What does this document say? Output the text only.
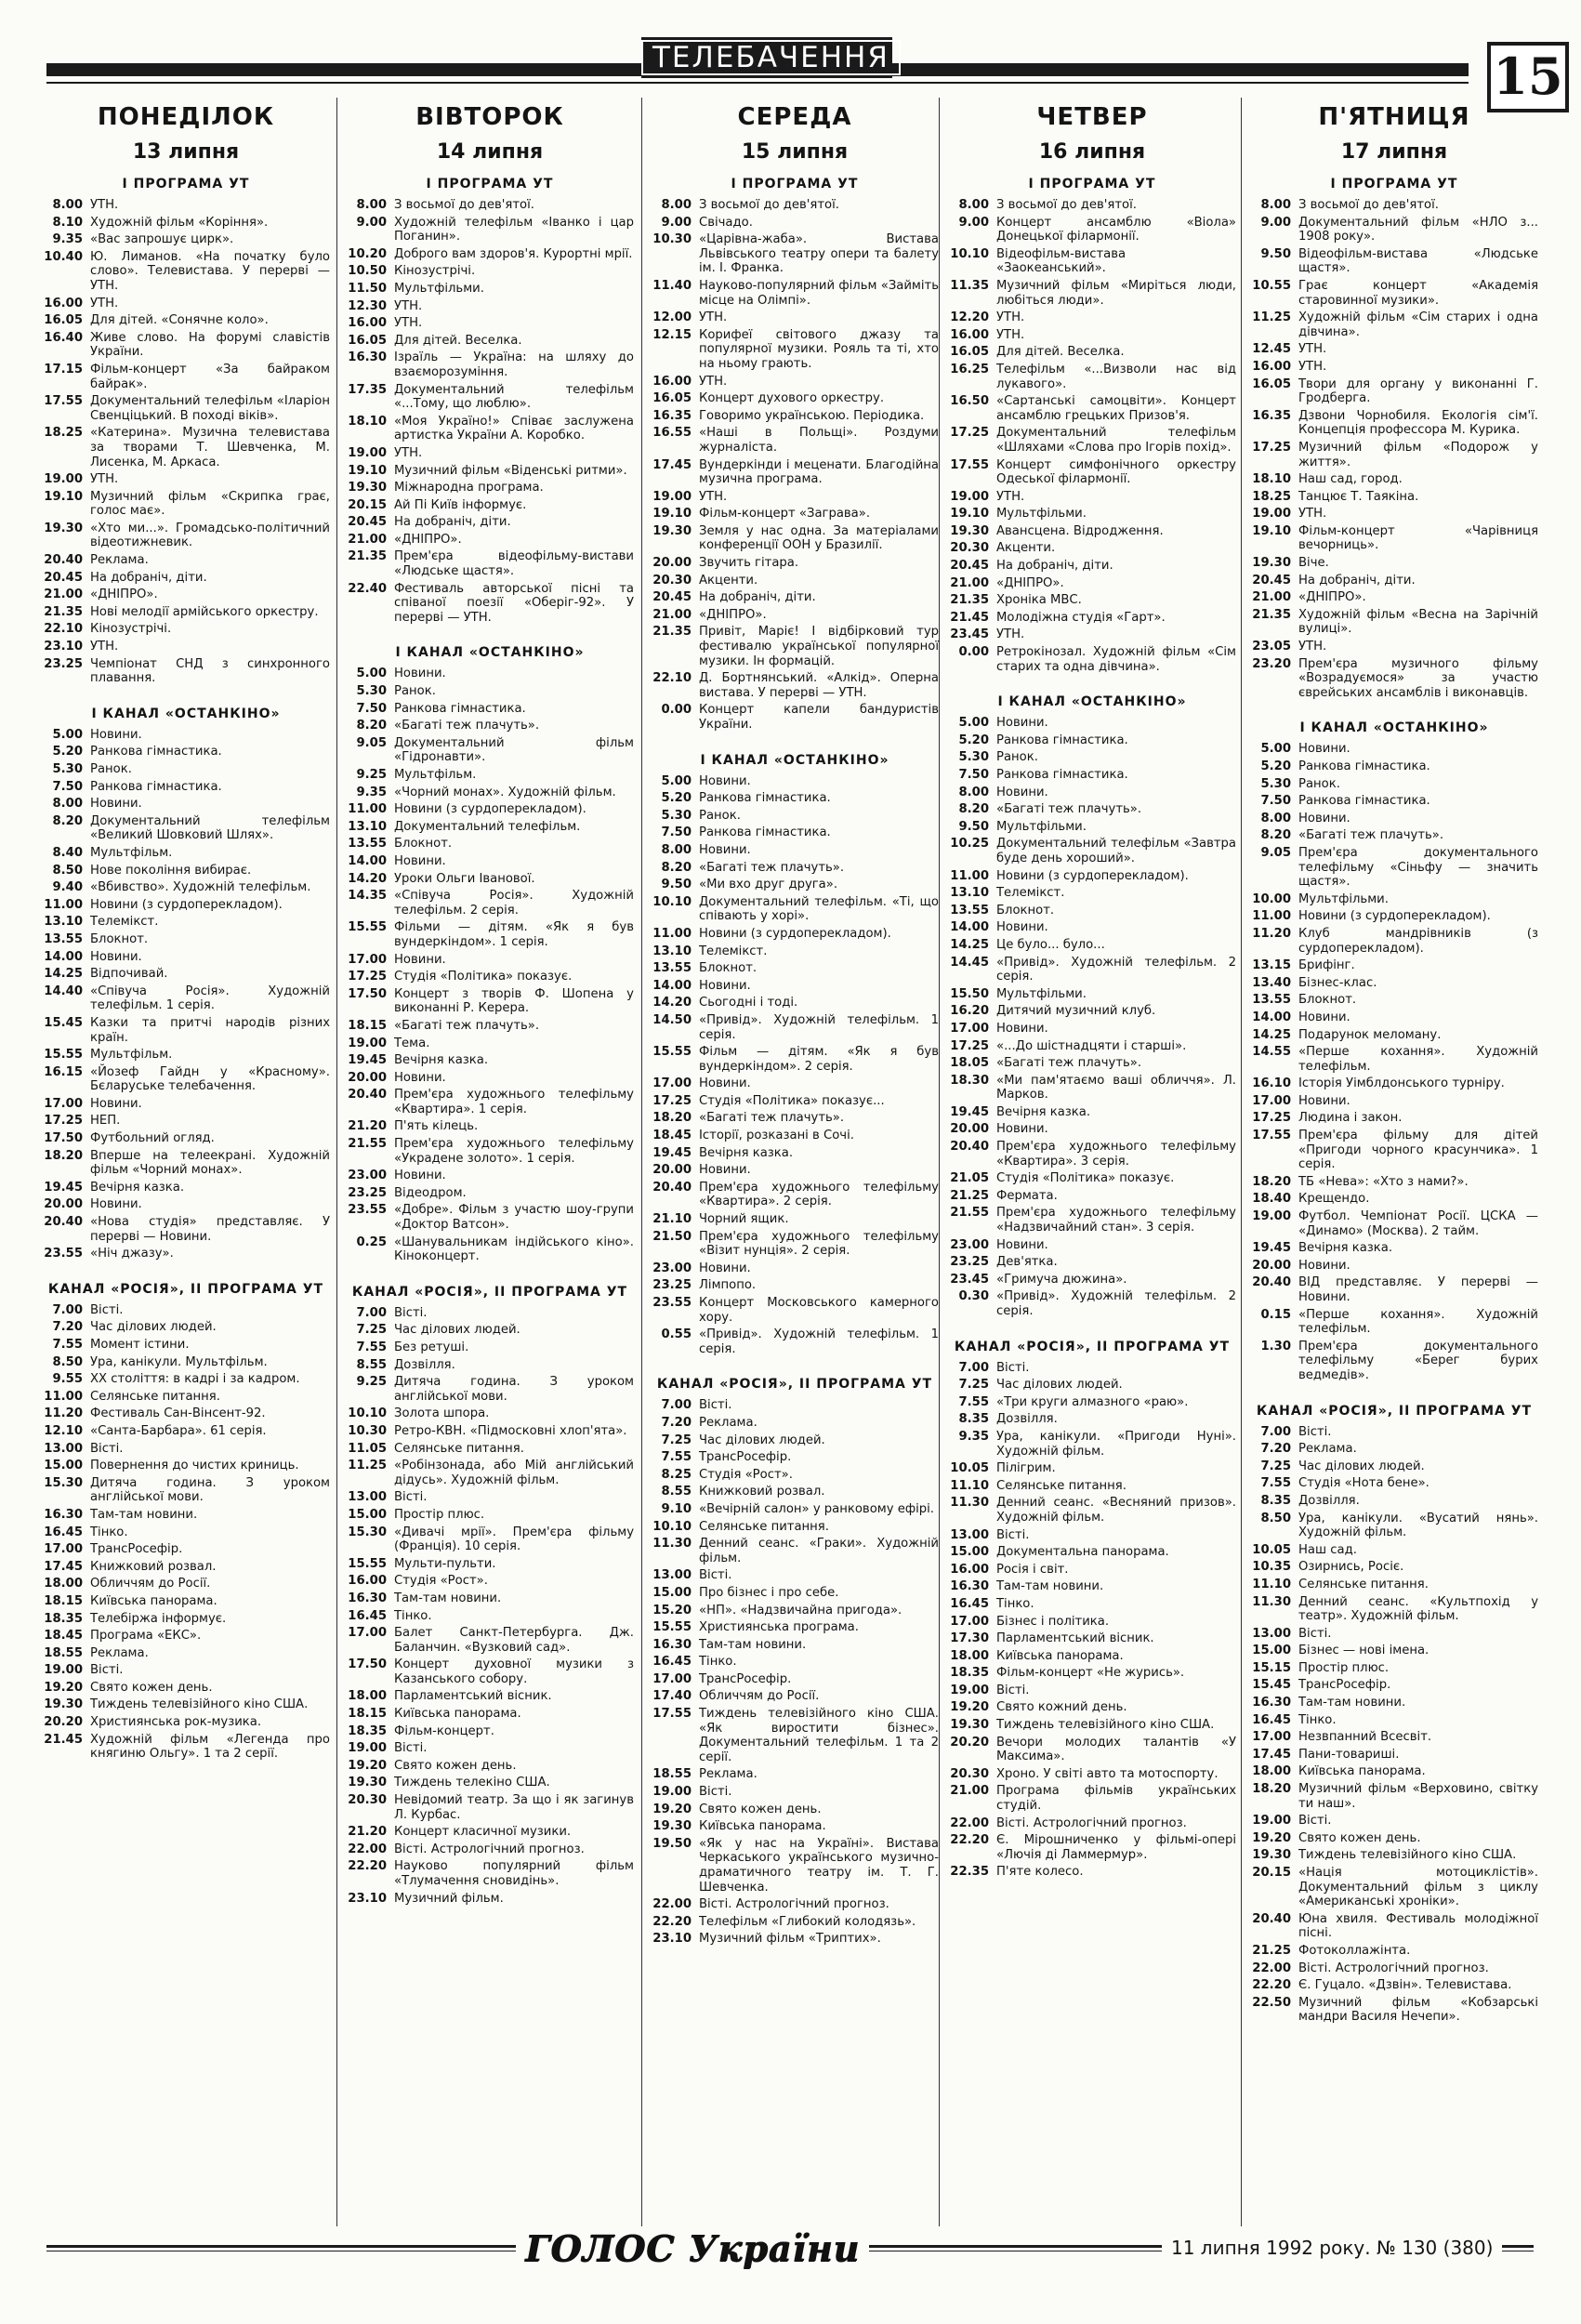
ТЕЛЕБАЧЕННЯ	15
ПОНЕДІЛОК
13 липня
І ПРОГРАМА УТ
8.00 УТН.
8.10 Художній фільм «Коріння».
9.35 «Вас запрошує цирк».
10.40 Ю. Лиманов. «На початку було слово». Телевистава. У перерві — УТН.
16.00 УТН.
16.05 Для дітей. «Сонячне коло».
16.40 Живе слово. На форумі славістів України.
17.15 Фільм-концерт «За байраком байрак».
17.55 Документальний телефільм «Іларіон Свенціцький. В поході віків».
18.25 «Катерина». Музична телевистава за творами Т. Шевченка, М. Лисенка, М. Аркаса.
19.00 УТН.
19.10 Музичний фільм «Скрипка грає, голос має».
19.30 «Хто ми...». Громадсько-політичний відеотижневик.
20.40 Реклама.
20.45 На добраніч, діти.
21.00 «ДНІПРО».
21.35 Нові мелодії армійського оркестру.
22.10 Кінозустрічі.
23.10 УТН.
23.25 Чемпіонат СНД з синхронного плавання.
І КАНАЛ «ОСТАНКІНО»
5.00 Новини.
5.20 Ранкова гімнастика.
5.30 Ранок.
7.50 Ранкова гімнастика.
8.00 Новини.
8.20 Документальний телефільм «Великий Шовковий Шлях».
8.40 Мультфільм.
8.50 Нове покоління вибирає.
9.40 «Вбивство». Художній телефільм.
11.00 Новини (з сурдоперекладом).
13.10 Телемікст.
13.55 Блокнот.
14.00 Новини.
14.25 Відпочивай.
14.40 «Співуча Росія». Художній телефільм. 1 серія.
15.45 Казки та притчі народів різних країн.
15.55 Мультфільм.
16.15 «Йозеф Гайдн у «Красному». Бєларуське телебачення.
17.00 Новини.
17.25 НЕП.
17.50 Футбольний огляд.
18.20 Вперше на телеекрані. Художній фільм «Чорний монах».
19.45 Вечірня казка.
20.00 Новини.
20.40 «Нова студія» представляє. У перерві — Новини.
23.55 «Ніч джазу».
КАНАЛ «РОСІЯ», ІІ ПРОГРАМА УТ
7.00 Вісті.
7.20 Час ділових людей.
7.55 Момент істини.
8.50 Ура, канікули. Мультфільм.
9.55 XX століття: в кадрі і за кадром.
11.00 Селянське питання.
11.20 Фестиваль Сан-Вінсент-92.
12.10 «Санта-Барбара». 61 серія.
13.00 Вісті.
15.00 Повернення до чистих криниць.
15.30 Дитяча година. З уроком англійської мови.
16.30 Там-там новини.
16.45 Тінко.
17.00 ТрансРосефір.
17.45 Книжковий розвал.
18.00 Обличчям до Росії.
18.15 Київська панорама.
18.35 Телебіржа інформує.
18.45 Програма «ЕКС».
18.55 Реклама.
19.00 Вісті.
19.20 Свято кожен день.
19.30 Тиждень телевізійного кіно США.
20.20 Християнська рок-музика.
21.45 Художній фільм «Легенда про княгиню Ольгу». 1 та 2 серії.
ВІВТОРОК
14 липня
І ПРОГРАМА УТ
8.00 З восьмої до дев'ятої.
9.00 Художній телефільм «Іванко і цар Поганин».
10.20 Доброго вам здоров'я. Курортні мрії.
10.50 Кінозустрічі.
11.50 Мультфільми.
12.30 УТН.
16.00 УТН.
16.05 Для дітей. Веселка.
16.30 Ізраїль — Україна: на шляху до взаєморозуміння.
17.35 Документальний телефільм «...Тому, що люблю».
18.10 «Моя Україно!» Співає заслужена артистка України А. Коробко.
19.00 УТН.
19.10 Музичний фільм «Віденські ритми».
19.30 Міжнародна програма.
20.15 Ай Пі Київ інформує.
20.45 На добраніч, діти.
21.00 «ДНІПРО».
21.35 Прем'єра відеофільму-вистави «Людське щастя».
22.40 Фестиваль авторської пісні та співаної поезії «Оберіг-92». У перерві — УТН.
І КАНАЛ «ОСТАНКІНО»
5.00 Новини.
5.30 Ранок.
7.50 Ранкова гімнастика.
8.20 «Багаті теж плачуть».
9.05 Документальний фільм «Гідронавти».
9.25 Мультфільм.
9.35 «Чорний монах». Художній фільм.
11.00 Новини (з сурдоперекладом).
13.10 Документальний телефільм.
13.55 Блокнот.
14.00 Новини.
14.20 Уроки Ольги Іванової.
14.35 «Співуча Росія». Художній телефільм. 2 серія.
15.55 Фільми — дітям. «Як я був вундеркіндом». 1 серія.
17.00 Новини.
17.25 Студія «Політика» показує.
17.50 Концерт з творів Ф. Шопена у виконанні Р. Керера.
18.15 «Багаті теж плачуть».
19.00 Тема.
19.45 Вечірня казка.
20.00 Новини.
20.40 Прем'єра художнього телефільму «Квартира». 1 серія.
21.20 П'ять кілець.
21.55 Прем'єра художнього телефільму «Украдене золото». 1 серія.
23.00 Новини.
23.25 Відеодром.
23.55 «Добре». Фільм з участю шоу-групи «Доктор Ватсон».
0.25 «Шанувальникам індійського кіно». Кіноконцерт.
КАНАЛ «РОСІЯ», ІІ ПРОГРАМА УТ
7.00 Вісті.
7.25 Час ділових людей.
7.55 Без ретуші.
8.55 Дозвілля.
9.25 Дитяча година. З уроком англійської мови.
10.10 Золота шпора.
10.30 Ретро-КВН. «Підмосковні хлоп'ята».
11.05 Селянське питання.
11.25 «Робінзонада, або Мій англійський дідусь». Художній фільм.
13.00 Вісті.
15.00 Простір плюс.
15.30 «Дивачі мрії». Прем'єра фільму (Франція). 10 серія.
15.55 Мульти-пульти.
16.00 Студія «Рост».
16.30 Там-там новини.
16.45 Тінко.
17.00 Балет Санкт-Петербурга. Дж. Баланчин. «Вузковий сад».
17.50 Концерт духовної музики з Казанського собору.
18.00 Парламентський вісник.
18.15 Київська панорама.
18.35 Фільм-концерт.
19.00 Вісті.
19.20 Свято кожен день.
19.30 Тиждень телекіно США.
20.30 Невідомий театр. За що і як загинув Л. Курбас.
21.20 Концерт класичної музики.
22.00 Вісті. Астрологічний прогноз.
22.20 Науково популярний фільм «Тлумачення сновидінь».
23.10 Музичний фільм.
СЕРЕДА
15 липня
І ПРОГРАМА УТ
8.00 З восьмої до дев'ятої.
9.00 Свічадо.
10.30 «Царівна-жаба». Вистава Львівського театру опери та балету ім. І. Франка.
11.40 Науково-популярний фільм «Займіть місце на Олімпі».
12.00 УТН.
12.15 Корифеї світового джазу та популярної музики. Рояль та ті, хто на ньому грають.
16.00 УТН.
16.05 Концерт духового оркестру.
16.35 Говоримо українською. Періодика.
16.55 «Наші в Польщі». Роздуми журналіста.
17.45 Вундеркінди і меценати. Благодійна музична програма.
19.00 УТН.
19.10 Фільм-концерт «Заграва».
19.30 Земля у нас одна. За матеріалами конференції ООН у Бразилії.
20.00 Звучить гітара.
20.30 Акценти.
20.45 На добраніч, діти.
21.00 «ДНІПРО».
21.35 Привіт, Маріє! І відбірковий тур фестивалю української популярної музики. Ін формацій.
22.10 Д. Бортнянський. «Алкід». Оперна вистава. У перерві — УТН.
0.00 Концерт капели бандуристів України.
І КАНАЛ «ОСТАНКІНО»
5.00 Новини.
5.20 Ранкова гімнастика.
5.30 Ранок.
7.50 Ранкова гімнастика.
8.00 Новини.
8.20 «Багаті теж плачуть».
9.50 «Ми вхо друг друга».
10.10 Документальний телефільм. «Ті, що співають у хорі».
11.00 Новини (з сурдоперекладом).
13.10 Телемікст.
13.55 Блокнот.
14.00 Новини.
14.20 Сьогодні і тоді.
14.50 «Привід». Художній телефільм. 1 серія.
15.55 Фільм — дітям. «Як я був вундеркіндом». 2 серія.
17.00 Новини.
17.25 Студія «Політика» показує...
18.20 «Багаті теж плачуть».
18.45 Історії, розказані в Сочі.
19.45 Вечірня казка.
20.00 Новини.
20.40 Прем'єра художнього телефільму «Квартира». 2 серія.
21.10 Чорний ящик.
21.50 Прем'єра художнього телефільму «Візит нунція». 2 серія.
23.00 Новини.
23.25 Лімпопо.
23.55 Концерт Московського камерного хору.
0.55 «Привід». Художній телефільм. 1 серія.
КАНАЛ «РОСІЯ», ІІ ПРОГРАМА УТ
7.00 Вісті.
7.20 Реклама.
7.25 Час ділових людей.
7.55 ТрансРосефір.
8.25 Студія «Рост».
8.55 Книжковий розвал.
9.10 «Вечірній салон» у ранковому ефірі.
10.10 Селянське питання.
11.30 Денний сеанс. «Граки». Художній фільм.
13.00 Вісті.
15.00 Про бізнес і про себе.
15.20 «НП». «Надзвичайна пригода».
15.55 Християнська програма.
16.30 Там-там новини.
16.45 Тінко.
17.00 ТрансРосефір.
17.40 Обличчям до Росії.
17.55 Тиждень телевізійного кіно США. «Як виростити бізнес». Документальний телефільм. 1 та 2 серії.
18.55 Реклама.
19.00 Вісті.
19.20 Свято кожен день.
19.30 Київська панорама.
19.50 «Як у нас на Україні». Вистава Черкаського українського музично-драматичного театру ім. Т. Г. Шевченка.
22.00 Вісті. Астрологічний прогноз.
22.20 Телефільм «Глибокий колодязь».
23.10 Музичний фільм «Триптих».
ЧЕТВЕР
16 липня
І ПРОГРАМА УТ
8.00 З восьмої до дев'ятої.
9.00 Концерт ансамблю «Віола» Донецької філармонії.
10.10 Відеофільм-вистава «Заокеанський».
11.35 Музичний фільм «Миріться люди, любіться люди».
12.20 УТН.
16.00 УТН.
16.05 Для дітей. Веселка.
16.25 Телефільм «...Визволи нас від лукавого».
16.50 «Сартанські самоцвіти». Концерт ансамблю грецьких Призов'я.
17.25 Документальний телефільм «Шляхами «Слова про Ігорів похід».
17.55 Концерт симфонічного оркестру Одеської філармонії.
19.00 УТН.
19.10 Мультфільми.
19.30 Авансцена. Відродження.
20.30 Акценти.
20.45 На добраніч, діти.
21.00 «ДНІПРО».
21.35 Хроніка МВС.
21.45 Молодіжна студія «Гарт».
23.45 УТН.
0.00 Ретрокінозал. Художній фільм «Сім старих та одна дівчина».
І КАНАЛ «ОСТАНКІНО»
5.00 Новини.
5.20 Ранкова гімнастика.
5.30 Ранок.
7.50 Ранкова гімнастика.
8.00 Новини.
8.20 «Багаті теж плачуть».
9.50 Мультфільми.
10.25 Документальний телефільм «Завтра буде день хороший».
11.00 Новини (з сурдоперекладом).
13.10 Телемікст.
13.55 Блокнот.
14.00 Новини.
14.25 Це було... було...
14.45 «Привід». Художній телефільм. 2 серія.
15.50 Мультфільми.
16.20 Дитячий музичний клуб.
17.00 Новини.
17.25 «...До шістнадцяти і старші».
18.05 «Багаті теж плачуть».
18.30 «Ми пам'ятаємо ваші обличчя». Л. Марков.
19.45 Вечірня казка.
20.00 Новини.
20.40 Прем'єра художнього телефільму «Квартира». 3 серія.
21.05 Студія «Політика» показує.
21.25 Фермата.
21.55 Прем'єра художнього телефільму «Надзвичайний стан». 3 серія.
23.00 Новини.
23.25 Дев'ятка.
23.45 «Гримуча дюжина».
0.30 «Привід». Художній телефільм. 2 серія.
КАНАЛ «РОСІЯ», ІІ ПРОГРАМА УТ
7.00 Вісті.
7.25 Час ділових людей.
7.55 «Три круги алмазного «раю».
8.35 Дозвілля.
9.35 Ура, канікули. «Пригоди Нуні». Художній фільм.
10.05 Пілігрим.
11.10 Селянське питання.
11.30 Денний сеанс. «Весняний призов». Художній фільм.
13.00 Вісті.
15.00 Документальна панорама.
16.00 Росія і світ.
16.30 Там-там новини.
16.45 Тінко.
17.00 Бізнес і політика.
17.30 Парламентський вісник.
18.00 Київська панорама.
18.35 Фільм-концерт «Не журись».
19.00 Вісті.
19.20 Свято кожний день.
19.30 Тиждень телевізійного кіно США.
20.20 Вечори молодих талантів «У Максима».
20.30 Хроно. У світі авто та мотоспорту.
21.00 Програма фільмів українських студій.
22.00 Вісті. Астрологічний прогноз.
22.20 Є. Мірошниченко у фільмі-опері «Лючія ді Ламмермур».
22.35 П'яте колесо.
П'ЯТНИЦЯ
17 липня
І ПРОГРАМА УТ
8.00 З восьмої до дев'ятої.
9.00 Документальний фільм «НЛО з... 1908 року».
9.50 Відеофільм-вистава «Людське щастя».
10.55 Грає концерт «Академія старовинної музики».
11.25 Художній фільм «Сім старих і одна дівчина».
12.45 УТН.
16.00 УТН.
16.05 Твори для органу у виконанні Г. Гродберга.
16.35 Дзвони Чорнобиля. Екологія сім'ї. Концепція профессора М. Курика.
17.25 Музичний фільм «Подорож у життя».
18.10 Наш сад, город.
18.25 Танцює Т. Таякіна.
19.00 УТН.
19.10 Фільм-концерт «Чарівниця вечорниць».
19.30 Віче.
20.45 На добраніч, діти.
21.00 «ДНІПРО».
21.35 Художній фільм «Весна на Зарічній вулиці».
23.05 УТН.
23.20 Прем'єра музичного фільму «Возрадуємося» за участю єврейських ансамблів і виконавців.
І КАНАЛ «ОСТАНКІНО»
5.00 Новини.
5.20 Ранкова гімнастика.
5.30 Ранок.
7.50 Ранкова гімнастика.
8.00 Новини.
8.20 «Багаті теж плачуть».
9.05 Прем'єра документального телефільму «Сіньфу — значить щастя».
10.00 Мультфільми.
11.00 Новини (з сурдоперекладом).
11.20 Клуб мандрівників (з сурдоперекладом).
13.15 Брифінг.
13.40 Бізнес-клас.
13.55 Блокнот.
14.00 Новини.
14.25 Подарунок меломану.
14.55 «Перше кохання». Художній телефільм.
16.10 Історія Уімблдонського турніру.
17.00 Новини.
17.25 Людина і закон.
17.55 Прем'єра фільму для дітей «Пригоди чорного красунчика». 1 серія.
18.20 ТБ «Нева»: «Хто з нами?».
18.40 Крещендо.
19.00 Футбол. Чемпіонат Росії. ЦСКА — «Динамо» (Москва). 2 тайм.
19.45 Вечірня казка.
20.00 Новини.
20.40 ВІД представляє. У перерві — Новини.
0.15 «Перше кохання». Художній телефільм.
1.30 Прем'єра документального телефільму «Берег бурих ведмедів».
КАНАЛ «РОСІЯ», ІІ ПРОГРАМА УТ
7.00 Вісті.
7.20 Реклама.
7.25 Час ділових людей.
7.55 Студія «Нота бене».
8.35 Дозвілля.
8.50 Ура, канікули. «Вусатий нянь». Художній фільм.
10.05 Наш сад.
10.35 Озирнись, Росіє.
11.10 Селянське питання.
11.30 Денний сеанс. «Культпохід у театр». Художній фільм.
13.00 Вісті.
15.00 Бізнес — нові імена.
15.15 Простір плюс.
15.45 ТрансРосефір.
16.30 Там-там новини.
16.45 Тінко.
17.00 Незвпанний Всесвіт.
17.45 Пани-товариші.
18.00 Київська панорама.
18.20 Музичний фільм «Верховино, світку ти наш».
19.00 Вісті.
19.20 Свято кожен день.
19.30 Тиждень телевізійного кіно США.
20.15 «Нація мотоциклістів». Документальний фільм з циклу «Американські хроніки».
20.40 Юна хвиля. Фестиваль молодіжної пісні.
21.25 Фотоколлажінта.
22.00 Вісті. Астрологічний прогноз.
22.20 Є. Гуцало. «Дзвін». Телевистава.
22.50 Музичний фільм «Кобзарські мандри Василя Нечепи».
ГОЛОС України	11 липня 1992 року. № 130 (380)
